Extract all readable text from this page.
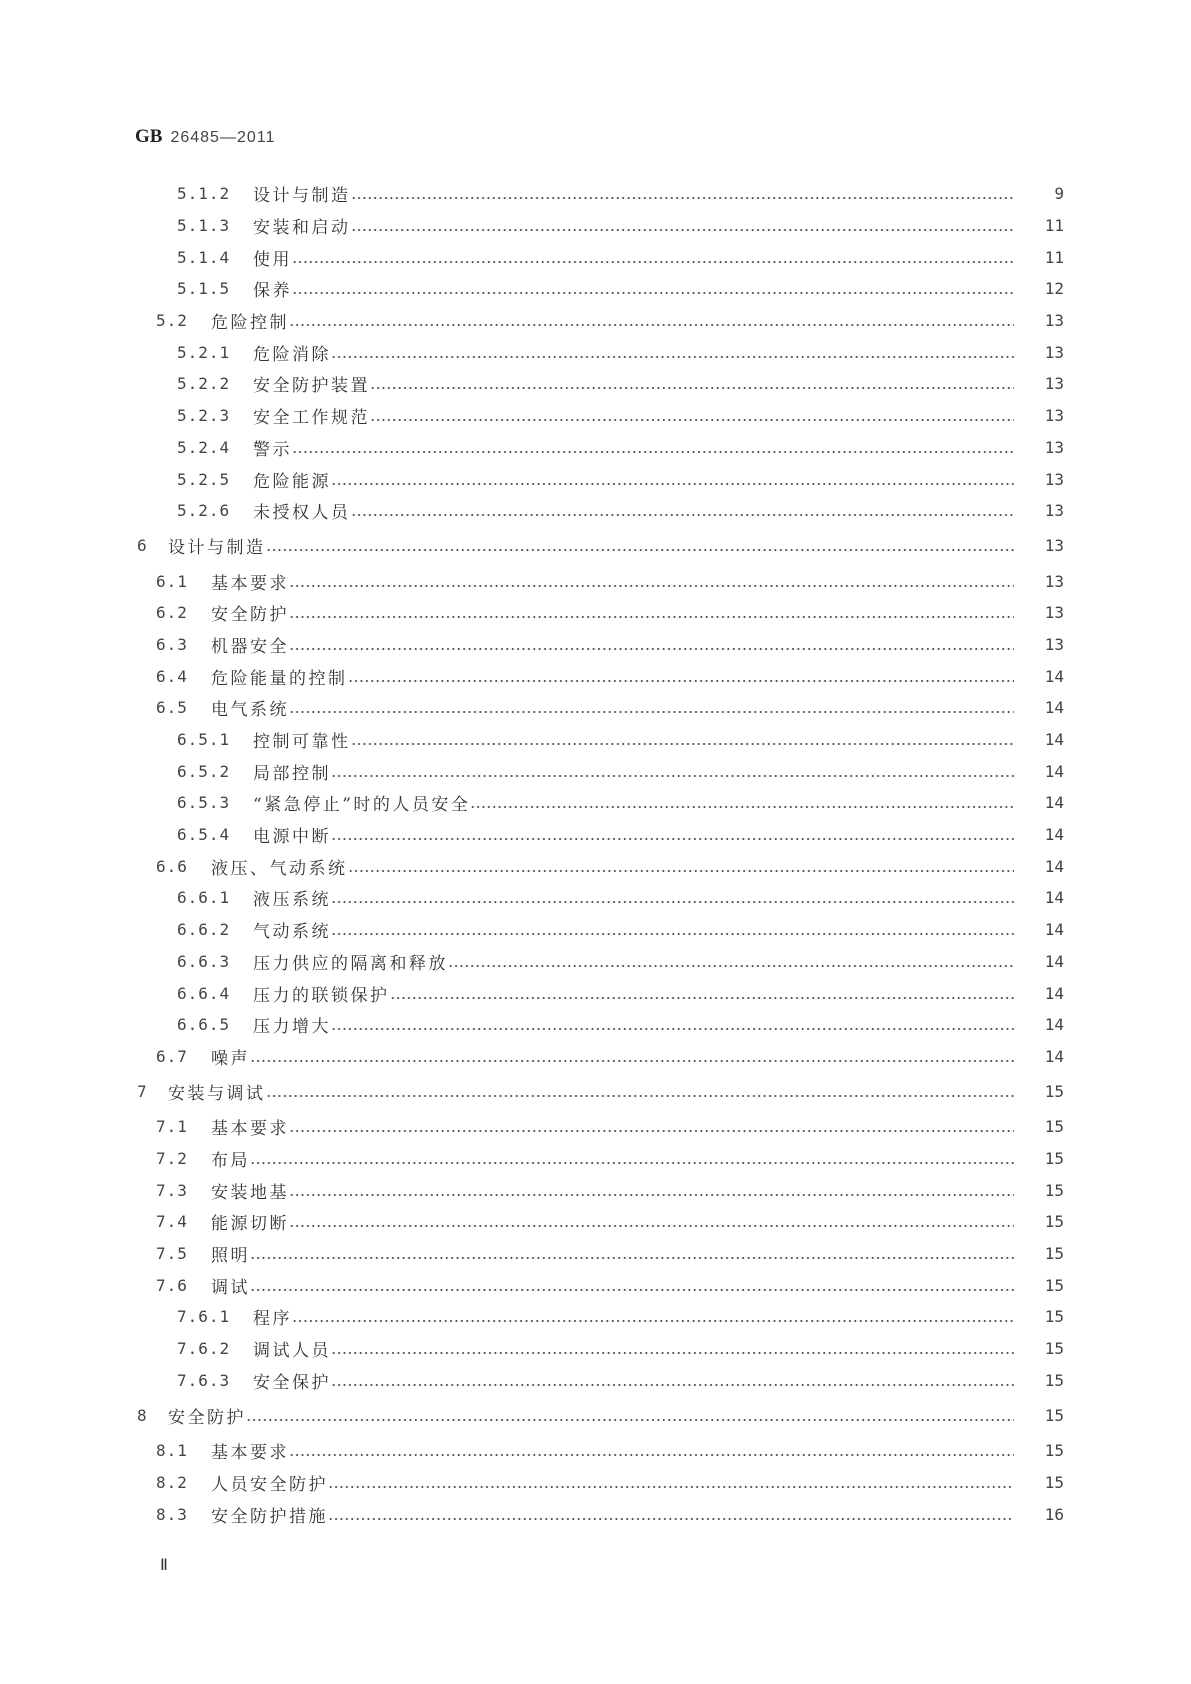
GB 26485—2011
5.1.2	设计与制造	9
5.1.3	安装和启动	11
5.1.4	使用	11
5.1.5	保养	12
5.2	危险控制	13
5.2.1	危险消除	13
5.2.2	安全防护装置	13
5.2.3	安全工作规范	13
5.2.4	警示	13
5.2.5	危险能源	13
5.2.6	未授权人员	13
6	设计与制造	13
6.1	基本要求	13
6.2	安全防护	13
6.3	机器安全	13
6.4	危险能量的控制	14
6.5	电气系统	14
6.5.1	控制可靠性	14
6.5.2	局部控制	14
6.5.3	“紧急停止”时的人员安全	14
6.5.4	电源中断	14
6.6	液压、气动系统	14
6.6.1	液压系统	14
6.6.2	气动系统	14
6.6.3	压力供应的隔离和释放	14
6.6.4	压力的联锁保护	14
6.6.5	压力增大	14
6.7	噪声	14
7	安装与调试	15
7.1	基本要求	15
7.2	布局	15
7.3	安装地基	15
7.4	能源切断	15
7.5	照明	15
7.6	调试	15
7.6.1	程序	15
7.6.2	调试人员	15
7.6.3	安全保护	15
8	安全防护	15
8.1	基本要求	15
8.2	人员安全防护	15
8.3	安全防护措施	16
Ⅱ
